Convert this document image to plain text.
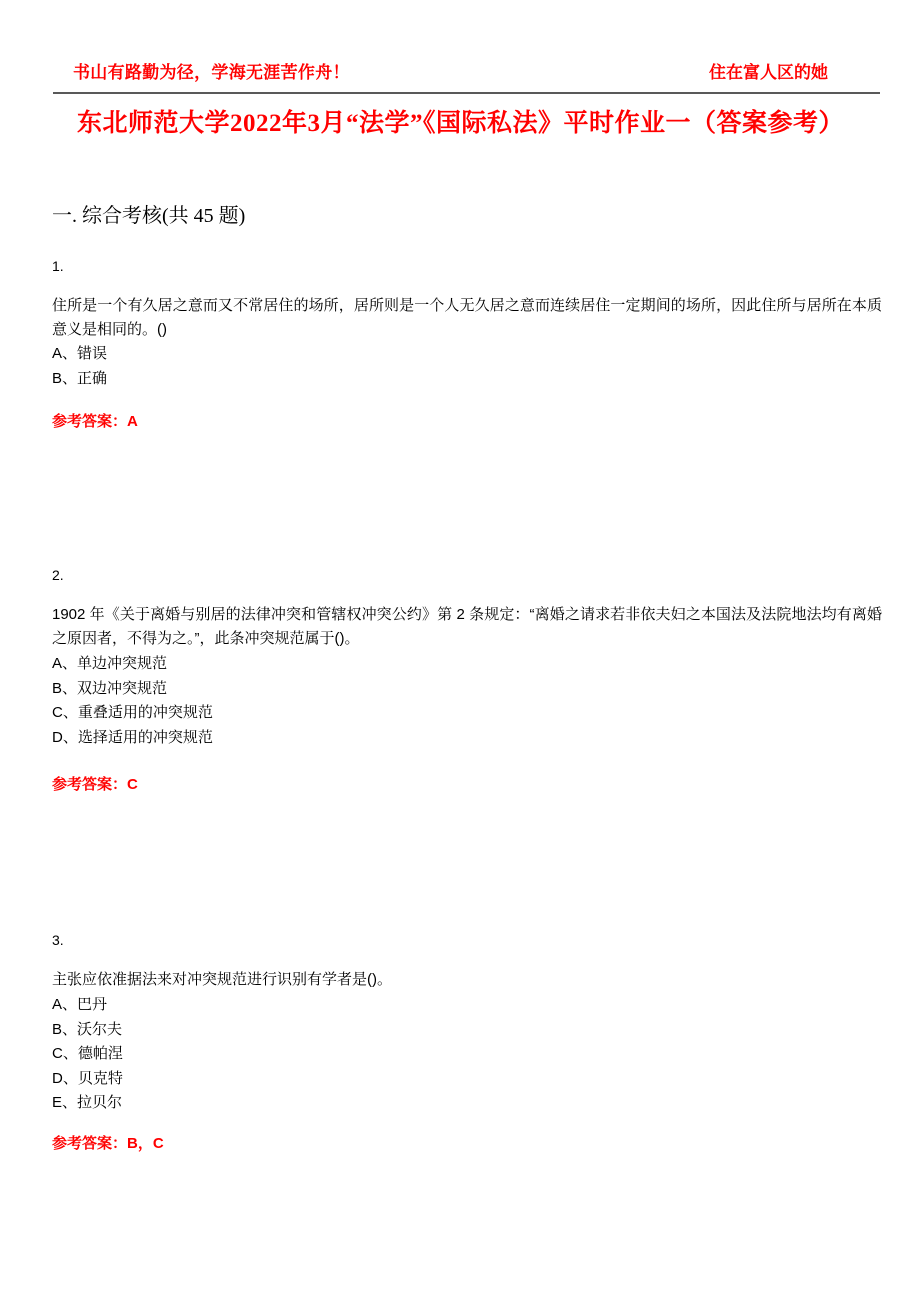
书山有路勤为径，学海无涯苦作舟！	住在富人区的她
东北师范大学2022年3月“法学”《国际私法》平时作业一（答案参考）
一. 综合考核(共 45 题)
1.
住所是一个有久居之意而又不常居住的场所，居所则是一个人无久居之意而连续居住一定期间的场所，因此住所与居所在本质意义是相同的。()
A、错误
B、正确
参考答案：A
2.
1902 年《关于离婚与别居的法律冲突和管辖权冲突公约》第 2 条规定：“离婚之请求若非依夫妇之本国法及法院地法均有离婚之原因者，不得为之。”，此条冲突规范属于()。
A、单边冲突规范
B、双边冲突规范
C、重叠适用的冲突规范
D、选择适用的冲突规范
参考答案：C
3.
主张应依准据法来对冲突规范进行识别有学者是()。
A、巴丹
B、沃尔夫
C、德帕涅
D、贝克特
E、拉贝尔
参考答案：B，C
